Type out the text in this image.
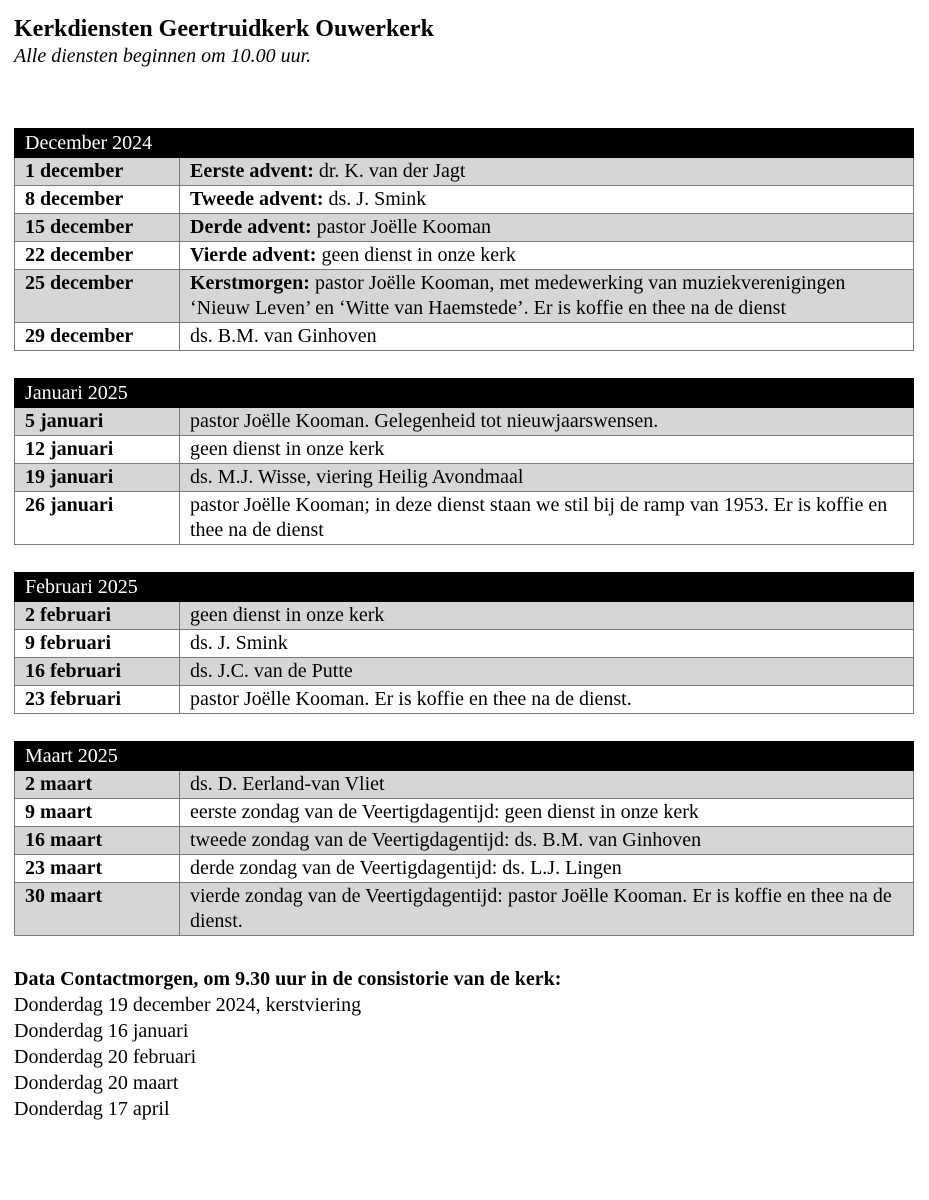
Kerkdiensten Geertruidkerk Ouwerkerk

Alle diensten beginnen om 10.00 uur.

December 2024	
1 december	Eerste advent: dr. K. van der Jagt
8 december	Tweede advent: ds. J. Smink
15 december	Derde advent: pastor Joëlle Kooman
22 december	Vierde advent: geen dienst in onze kerk
25 december	Kerstmorgen: pastor Joëlle Kooman, met medewerking van muziekverenigingen ‘Nieuw Leven’ en ‘Witte van Haemstede’. Er is koffie en thee na de dienst
29 december	ds. B.M. van Ginhoven
Januari 2025	
5 januari	pastor Joëlle Kooman. Gelegenheid tot nieuwjaarswensen.
12 januari	geen dienst in onze kerk
19 januari	ds. M.J. Wisse, viering Heilig Avondmaal
26 januari	pastor Joëlle Kooman; in deze dienst staan we stil bij de ramp van 1953. Er is koffie en thee na de dienst
Februari 2025	
2 februari	geen dienst in onze kerk
9 februari	ds. J. Smink
16 februari	ds. J.C. van de Putte
23 februari	pastor Joëlle Kooman. Er is koffie en thee na de dienst.
Maart 2025	
2 maart	ds. D. Eerland-van Vliet
9 maart	eerste zondag van de Veertigdagentijd: geen dienst in onze kerk
16 maart	tweede zondag van de Veertigdagentijd: ds. B.M. van Ginhoven
23 maart	derde zondag van de Veertigdagentijd: ds. L.J. Lingen
30 maart	vierde zondag van de Veertigdagentijd: pastor Joëlle Kooman. Er is koffie en thee na de dienst.
Data Contactmorgen, om 9.30 uur in de consistorie van de kerk:
Donderdag 19 december 2024, kerstviering
Donderdag 16 januari
Donderdag 20 februari
Donderdag 20 maart
Donderdag 17 april
